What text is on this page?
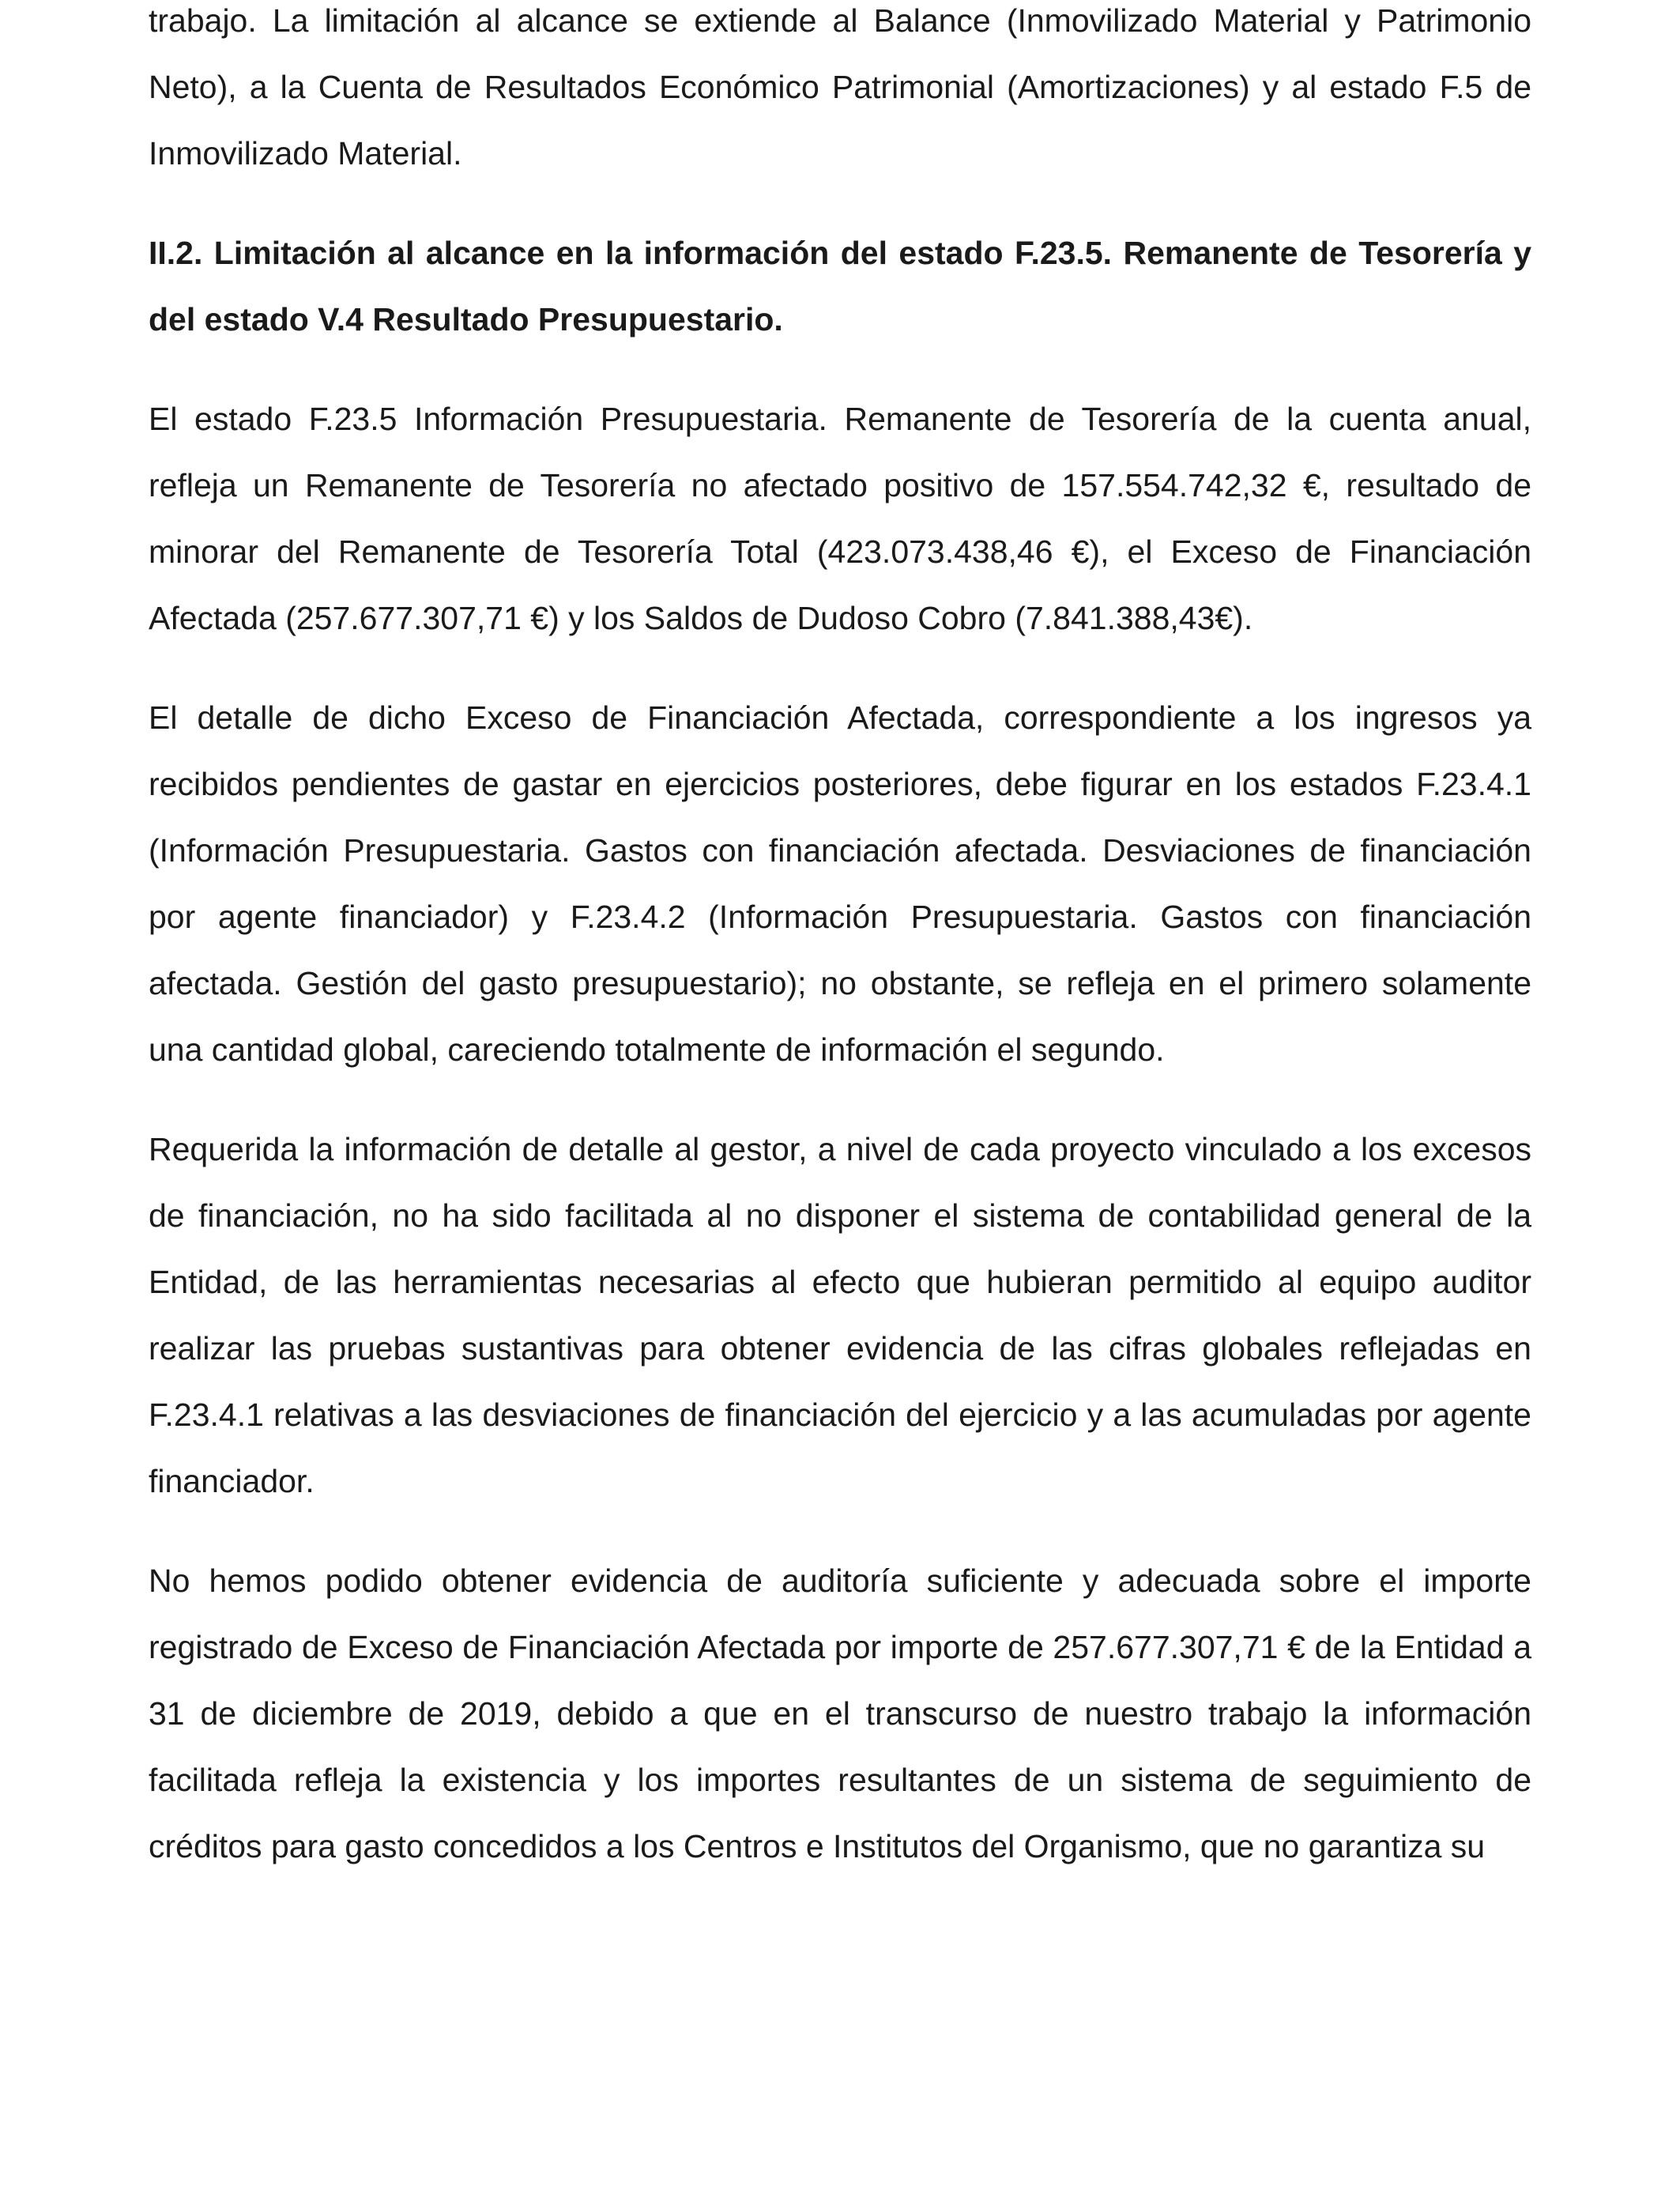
trabajo. La limitación al alcance se extiende al Balance (Inmovilizado Material y Patrimonio Neto), a la Cuenta de Resultados Económico Patrimonial (Amortizaciones) y al estado F.5 de Inmovilizado Material.

II.2. Limitación al alcance en la información del estado F.23.5. Remanente de Tesorería y del estado V.4 Resultado Presupuestario.

El estado F.23.5 Información Presupuestaria. Remanente de Tesorería de la cuenta anual, refleja un Remanente de Tesorería no afectado positivo de 157.554.742,32 €, resultado de minorar del Remanente de Tesorería Total (423.073.438,46 €), el Exceso de Financiación Afectada (257.677.307,71 €) y los Saldos de Dudoso Cobro (7.841.388,43€).

El detalle de dicho Exceso de Financiación Afectada, correspondiente a los ingresos ya recibidos pendientes de gastar en ejercicios posteriores, debe figurar en los estados F.23.4.1 (Información Presupuestaria. Gastos con financiación afectada. Desviaciones de financiación por agente financiador) y F.23.4.2 (Información Presupuestaria. Gastos con financiación afectada. Gestión del gasto presupuestario); no obstante, se refleja en el primero solamente una cantidad global, careciendo totalmente de información el segundo.

Requerida la información de detalle al gestor, a nivel de cada proyecto vinculado a los excesos de financiación, no ha sido facilitada al no disponer el sistema de contabilidad general de la Entidad, de las herramientas necesarias al efecto que hubieran permitido al equipo auditor realizar las pruebas sustantivas para obtener evidencia de las cifras globales reflejadas en F.23.4.1 relativas a las desviaciones de financiación del ejercicio y a las acumuladas por agente financiador.

No hemos podido obtener evidencia de auditoría suficiente y adecuada sobre el importe registrado de Exceso de Financiación Afectada por importe de 257.677.307,71 € de la Entidad a 31 de diciembre de 2019, debido a que en el transcurso de nuestro trabajo la información facilitada refleja la existencia y los importes resultantes de un sistema de seguimiento de créditos para gasto concedidos a los Centros e Institutos del Organismo, que no garantiza su
